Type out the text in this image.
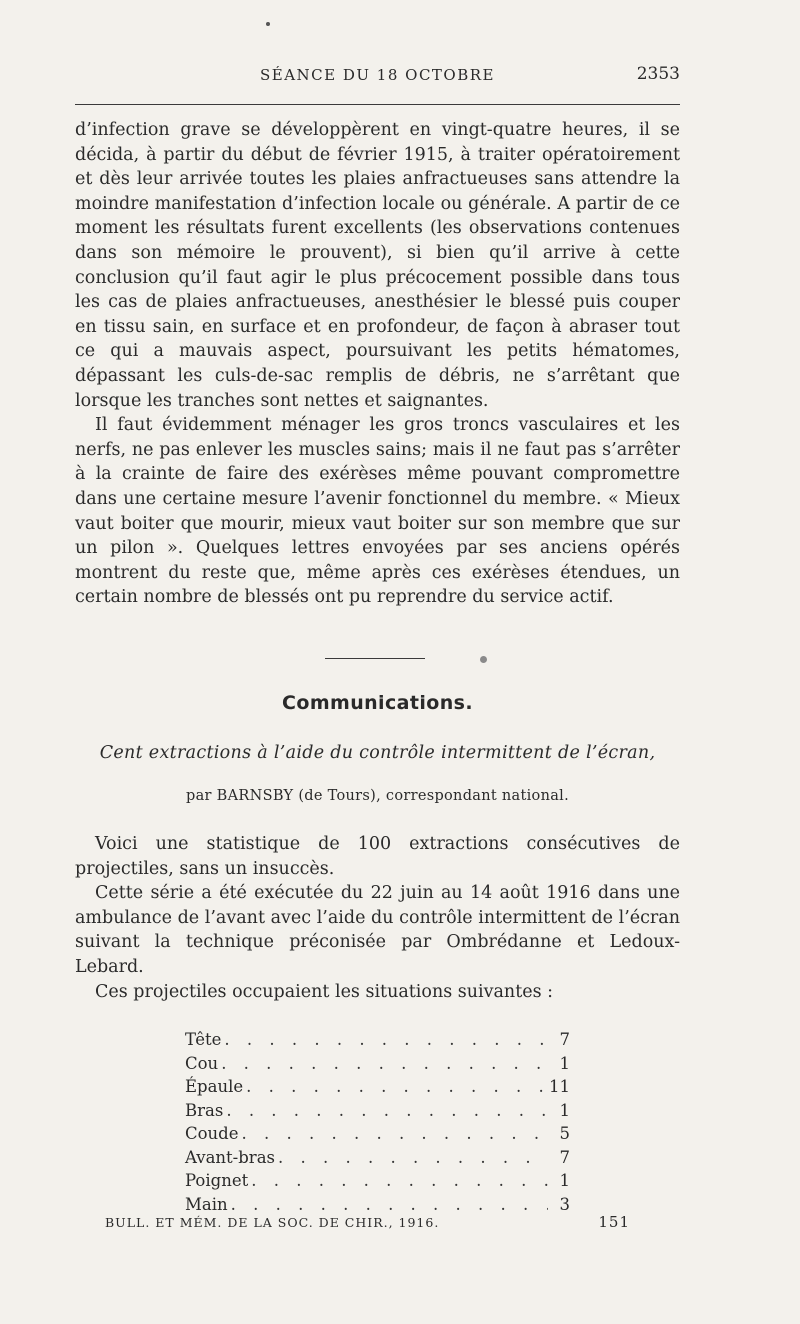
SÉANCE DU 18 OCTOBRE	2353

d’infection grave se développèrent en vingt-quatre heures, il se décida, à partir du début de février 1915, à traiter opératoirement et dès leur arrivée toutes les plaies anfractueuses sans attendre la moindre manifestation d’infection locale ou générale. A partir de ce moment les résultats furent excellents (les observations contenues dans son mémoire le prouvent), si bien qu’il arrive à cette conclusion qu’il faut agir le plus précocement possible dans tous les cas de plaies anfractueuses, anesthésier le blessé puis couper en tissu sain, en surface et en profondeur, de façon à abraser tout ce qui a mauvais aspect, poursuivant les petits hématomes, dépassant les culs-de-sac remplis de débris, ne s’arrêtant que lorsque les tranches sont nettes et saignantes.

Il faut évidemment ménager les gros troncs vasculaires et les nerfs, ne pas enlever les muscles sains; mais il ne faut pas s’arrêter à la crainte de faire des exérèses même pouvant compromettre dans une certaine mesure l’avenir fonctionnel du membre. « Mieux vaut boiter que mourir, mieux vaut boiter sur son membre que sur un pilon ». Quelques lettres envoyées par ses anciens opérés montrent du reste que, même après ces exérèses étendues, un certain nombre de blessés ont pu reprendre du service actif.

Communications.
Cent extractions à l’aide du contrôle intermittent de l’écran,
par BARNSBY (de Tours), correspondant national.

Voici une statistique de 100 extractions consécutives de projectiles, sans un insuccès.

Cette série a été exécutée du 22 juin au 14 août 1916 dans une ambulance de l’avant avec l’aide du contrôle intermittent de l’écran suivant la technique préconisée par Ombrédanne et Ledoux-Lebard.

Ces projectiles occupaient les situations suivantes :

Tête . . .	7
Cou . . .	1
Épaule . . .	11
Bras . . .	1
Coude . . .	5
Avant-bras . . .	7
Poignet . . .	1
Main . . .	3
BULL. ET MÉM. DE LA SOC. DE CHIR., 1916.	151
